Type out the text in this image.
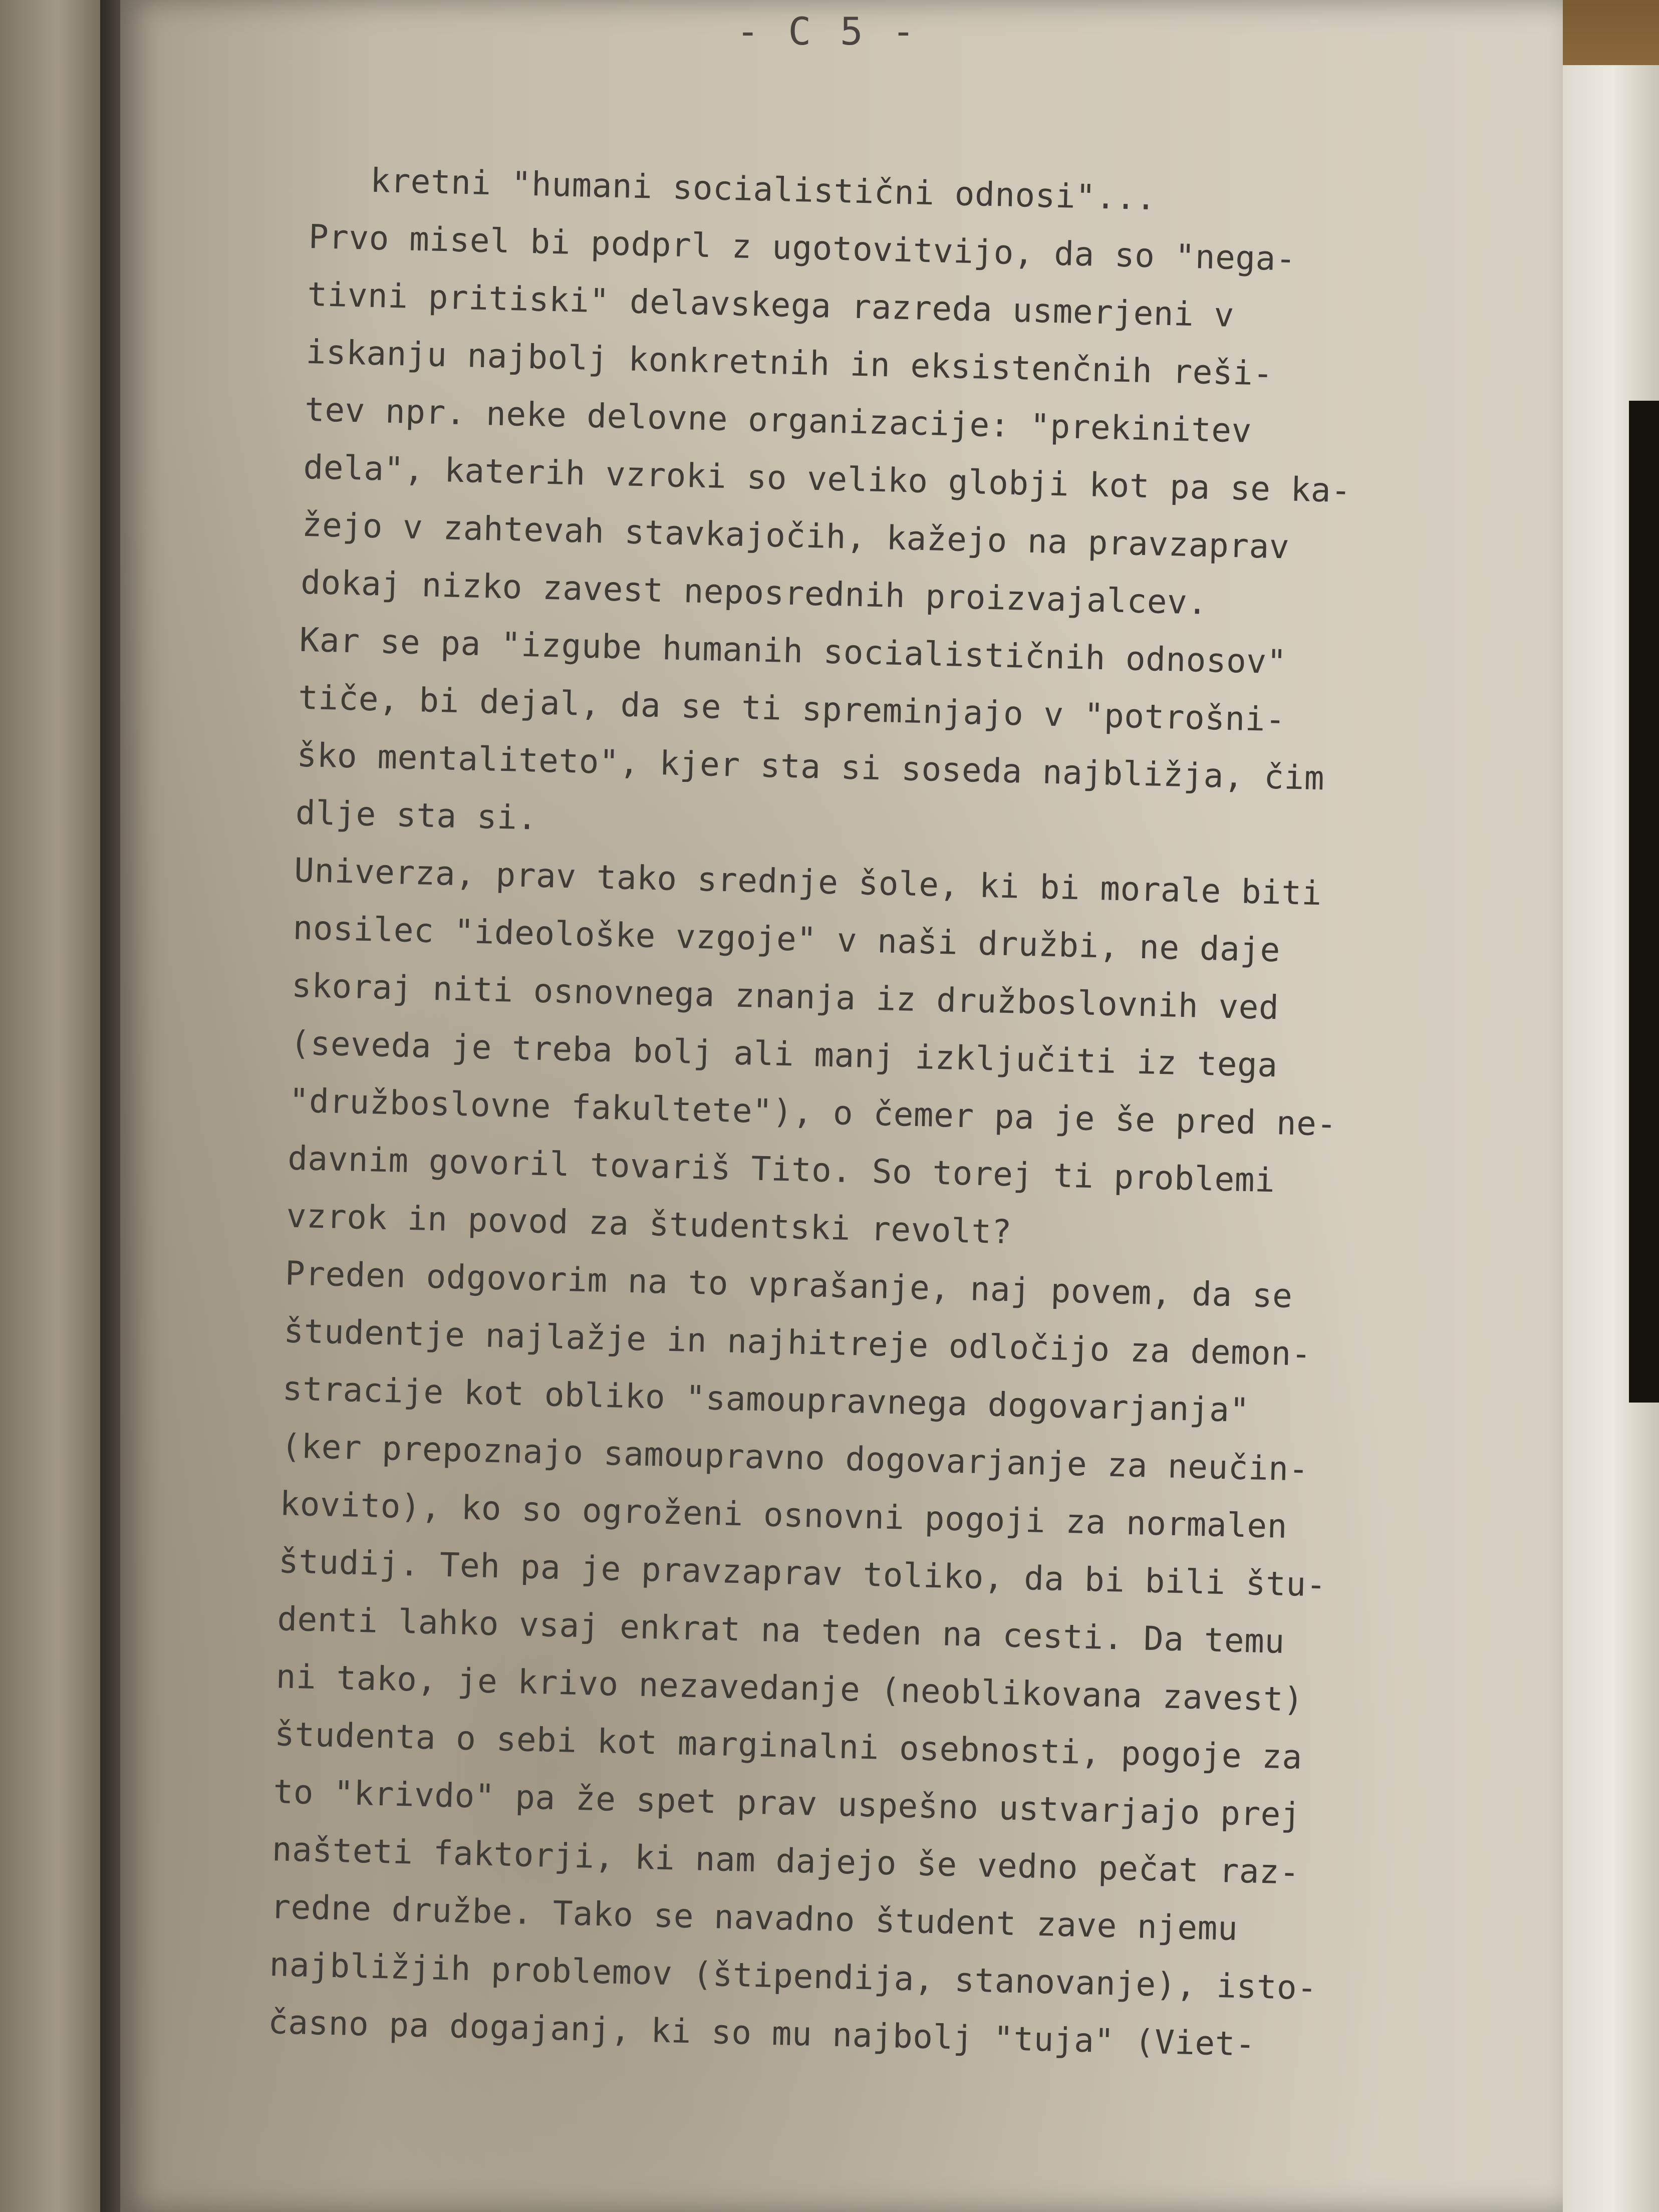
- C 5 -
kretni "humani socialistični odnosi"...
Prvo misel bi podprl z ugotovitvijo, da so "nega-
tivni pritiski" delavskega razreda usmerjeni v
iskanju najbolj konkretnih in eksistenčnih reši-
tev npr. neke delovne organizacije: "prekinitev
dela", katerih vzroki so veliko globji kot pa se ka-
žejo v zahtevah stavkajočih, kažejo na pravzaprav
dokaj nizko zavest neposrednih proizvajalcev.
Kar se pa "izgube humanih socialističnih odnosov"
tiče, bi dejal, da se ti spreminjajo v "potrošni-
ško mentaliteto", kjer sta si soseda najbližja, čim
dlje sta si.
Univerza, prav tako srednje šole, ki bi morale biti
nosilec "ideološke vzgoje" v naši družbi, ne daje
skoraj niti osnovnega znanja iz družboslovnih ved
(seveda je treba bolj ali manj izključiti iz tega
"družboslovne fakultete"), o čemer pa je še pred ne-
davnim govoril tovariš Tito. So torej ti problemi
vzrok in povod za študentski revolt?
Preden odgovorim na to vprašanje, naj povem, da se
študentje najlažje in najhitreje odločijo za demon-
stracije kot obliko "samoupravnega dogovarjanja"
(ker prepoznajo samoupravno dogovarjanje za neučin-
kovito), ko so ogroženi osnovni pogoji za normalen
študij. Teh pa je pravzaprav toliko, da bi bili štu-
denti lahko vsaj enkrat na teden na cesti. Da temu
ni tako, je krivo nezavedanje (neoblikovana zavest)
študenta o sebi kot marginalni osebnosti, pogoje za
to "krivdo" pa že spet prav uspešno ustvarjajo prej
našteti faktorji, ki nam dajejo še vedno pečat raz-
redne družbe. Tako se navadno študent zave njemu
najbližjih problemov (štipendija, stanovanje), isto-
časno pa dogajanj, ki so mu najbolj "tuja" (Viet-
